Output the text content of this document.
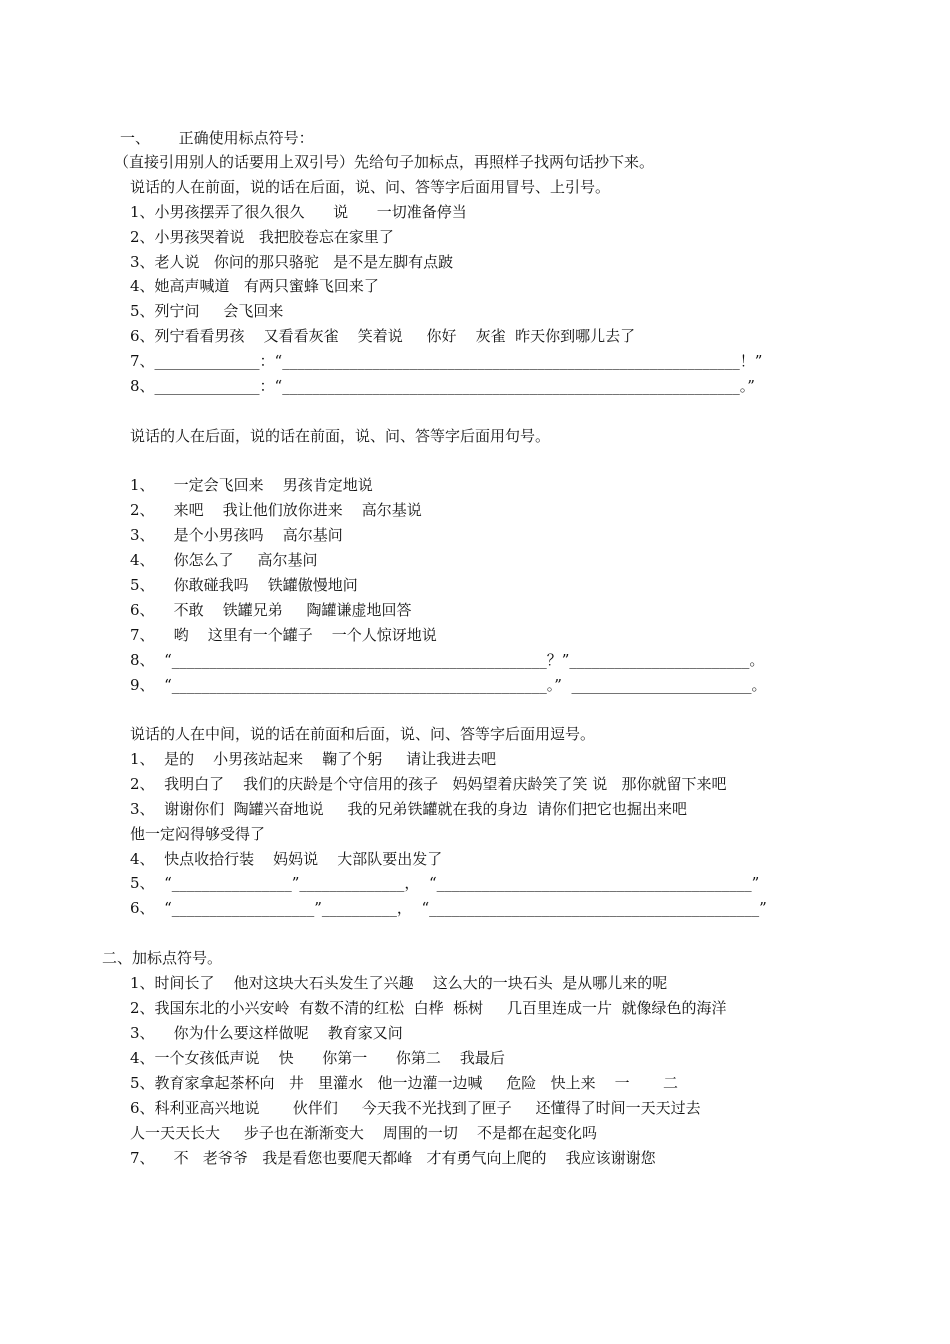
一、      正确使用标点符号：
（直接引用别人的话要用上双引号）先给句子加标点，再照样子找两句话抄下来。
说话的人在前面，说的话在后面，说、问、答等字后面用冒号、上引号。
1、小男孩摆弄了很久很久      说      一切准备停当
2、小男孩哭着说   我把胶卷忘在家里了
3、老人说   你问的那只骆驼   是不是左脚有点跛
4、她高声喊道   有两只蜜蜂飞回来了
5、列宁问     会飞回来
6、列宁看看男孩    又看看灰雀    笑着说     你好    灰雀  昨天你到哪儿去了
7、______________：“_____________________________________________________________！”
8、______________：“_____________________________________________________________。”
说话的人在后面，说的话在前面，说、问、答等字后面用句号。
1、    一定会飞回来    男孩肯定地说
2、    来吧    我让他们放你进来    高尔基说
3、    是个小男孩吗    高尔基问
4、    你怎么了     高尔基问
5、    你敢碰我吗    铁罐傲慢地问
6、    不敢    铁罐兄弟     陶罐谦虚地回答
7、    哟    这里有一个罐子    一个人惊讶地说
8、  “__________________________________________________？”________________________。
9、  “__________________________________________________。”  ________________________。
说话的人在中间，说的话在前面和后面，说、问、答等字后面用逗号。
1、  是的    小男孩站起来    鞠了个躬     请让我进去吧
2、  我明白了    我们的庆龄是个守信用的孩子   妈妈望着庆龄笑了笑 说   那你就留下来吧
3、  谢谢你们  陶罐兴奋地说     我的兄弟铁罐就在我的身边  请你们把它也掘出来吧
他一定闷得够受得了
4、  快点收拾行装    妈妈说    大部队要出发了
5、  “________________”______________，  “__________________________________________”
6、  “___________________”__________，  “____________________________________________”
二、加标点符号。
1、时间长了    他对这块大石头发生了兴趣    这么大的一块石头  是从哪儿来的呢
2、我国东北的小兴安岭  有数不清的红松  白桦  栎树     几百里连成一片  就像绿色的海洋
3、    你为什么要这样做呢    教育家又问
4、一个女孩低声说    快      你第一      你第二    我最后
5、教育家拿起茶杯向   井   里灌水   他一边灌一边喊     危险   快上来    一       二
6、科利亚高兴地说       伙伴们     今天我不光找到了匣子     还懂得了时间一天天过去
人一天天长大     步子也在渐渐变大    周围的一切    不是都在起变化吗
7、    不   老爷爷   我是看您也要爬天都峰   才有勇气向上爬的    我应该谢谢您
